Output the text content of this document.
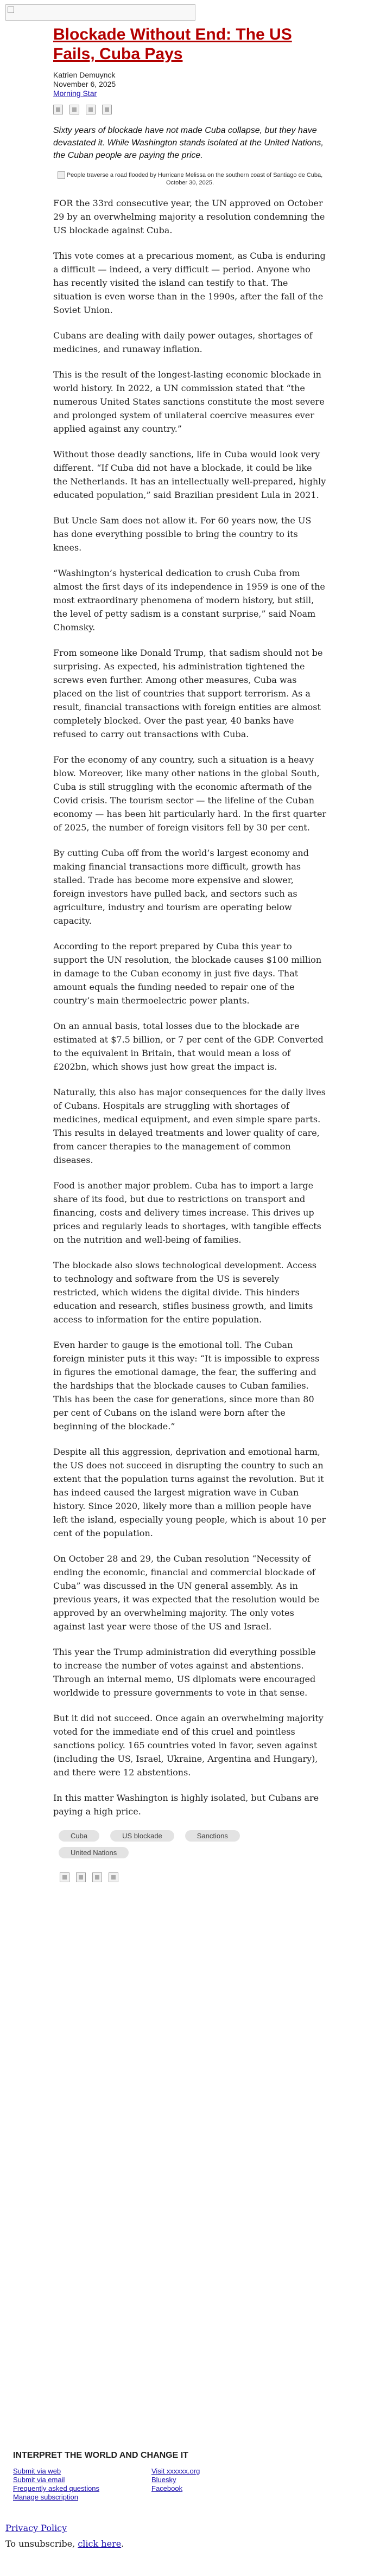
Blockade Without End: The US Fails, Cuba Pays
Katrien Demuynck
November 6, 2025
Morning Star
Sixty years of blockade have not made Cuba collapse, but they have devastated it. While Washington stands isolated at the United Nations, the Cuban people are paying the price.
People traverse a road flooded by Hurricane Melissa on the southern coast of Santiago de Cuba, October 30, 2025.

FOR the 33rd consecutive year, the UN approved on October 29 by an overwhelming majority a resolution condemning the US blockade against Cuba.

This vote comes at a precarious moment, as Cuba is enduring a difficult — indeed, a very difficult — period. Anyone who has recently visited the island can testify to that. The situation is even worse than in the 1990s, after the fall of the Soviet Union.

Cubans are dealing with daily power outages, shortages of medicines, and runaway inflation.

This is the result of the longest-lasting economic blockade in world history. In 2022, a UN commission stated that “the numerous United States sanctions constitute the most severe and prolonged system of unilateral coercive measures ever applied against any country.”

Without those deadly sanctions, life in Cuba would look very different. “If Cuba did not have a blockade, it could be like the Netherlands. It has an intellectually well-prepared, highly educated population,” said Brazilian president Lula in 2021.

But Uncle Sam does not allow it. For 60 years now, the US has done everything possible to bring the country to its knees.

“Washington’s hysterical dedication to crush Cuba from almost the first days of its independence in 1959 is one of the most extraordinary phenomena of modern history, but still, the level of petty sadism is a constant surprise,” said Noam Chomsky.

From someone like Donald Trump, that sadism should not be surprising. As expected, his administration tightened the screws even further. Among other measures, Cuba was placed on the list of countries that support terrorism. As a result, financial transactions with foreign entities are almost completely blocked. Over the past year, 40 banks have refused to carry out transactions with Cuba.

For the economy of any country, such a situation is a heavy blow. Moreover, like many other nations in the global South, Cuba is still struggling with the economic aftermath of the Covid crisis. The tourism sector — the lifeline of the Cuban economy — has been hit particularly hard. In the first quarter of 2025, the number of foreign visitors fell by 30 per cent.

By cutting Cuba off from the world’s largest economy and making financial transactions more difficult, growth has stalled. Trade has become more expensive and slower, foreign investors have pulled back, and sectors such as agriculture, industry and tourism are operating below capacity.

According to the report prepared by Cuba this year to support the UN resolution, the blockade causes $100 million in damage to the Cuban economy in just five days. That amount equals the funding needed to repair one of the country’s main thermoelectric power plants.

On an annual basis, total losses due to the blockade are estimated at $7.5 billion, or 7 per cent of the GDP. Converted to the equivalent in Britain, that would mean a loss of £202bn, which shows just how great the impact is.

Naturally, this also has major consequences for the daily lives of Cubans. Hospitals are struggling with shortages of medicines, medical equipment, and even simple spare parts. This results in delayed treatments and lower quality of care, from cancer therapies to the management of common diseases.

Food is another major problem. Cuba has to import a large share of its food, but due to restrictions on transport and financing, costs and delivery times increase. This drives up prices and regularly leads to shortages, with tangible effects on the nutrition and well-being of families.

The blockade also slows technological development. Access to technology and software from the US is severely restricted, which widens the digital divide. This hinders education and research, stifles business growth, and limits access to information for the entire population.

Even harder to gauge is the emotional toll. The Cuban foreign minister puts it this way: “It is impossible to express in figures the emotional damage, the fear, the suffering and the hardships that the blockade causes to Cuban families. This has been the case for generations, since more than 80 per cent of Cubans on the island were born after the beginning of the blockade.”

Despite all this aggression, deprivation and emotional harm, the US does not succeed in disrupting the country to such an extent that the population turns against the revolution. But it has indeed caused the largest migration wave in Cuban history. Since 2020, likely more than a million people have left the island, especially young people, which is about 10 per cent of the population.

On October 28 and 29, the Cuban resolution “Necessity of ending the economic, financial and commercial blockade of Cuba” was discussed in the UN general assembly. As in previous years, it was expected that the resolution would be approved by an overwhelming majority. The only votes against last year were those of the US and Israel.

This year the Trump administration did everything possible to increase the number of votes against and abstentions. Through an internal memo, US diplomats were encouraged worldwide to pressure governments to vote in that sense.

But it did not succeed. Once again an overwhelming majority voted for the immediate end of this cruel and pointless sanctions policy. 165 countries voted in favor, seven against (including the US, Israel, Ukraine, Argentina and Hungary), and there were 12 abstentions.

In this matter Washington is highly isolated, but Cubans are paying a high price.

Cuba	US blockade	Sanctions
United Nations
INTERPRET THE WORLD AND CHANGE IT
Submit via web
Submit via email
Frequently asked questions
Manage subscription
Visit xxxxxx.org
Bluesky
Facebook
Privacy Policy
To unsubscribe, click here.
